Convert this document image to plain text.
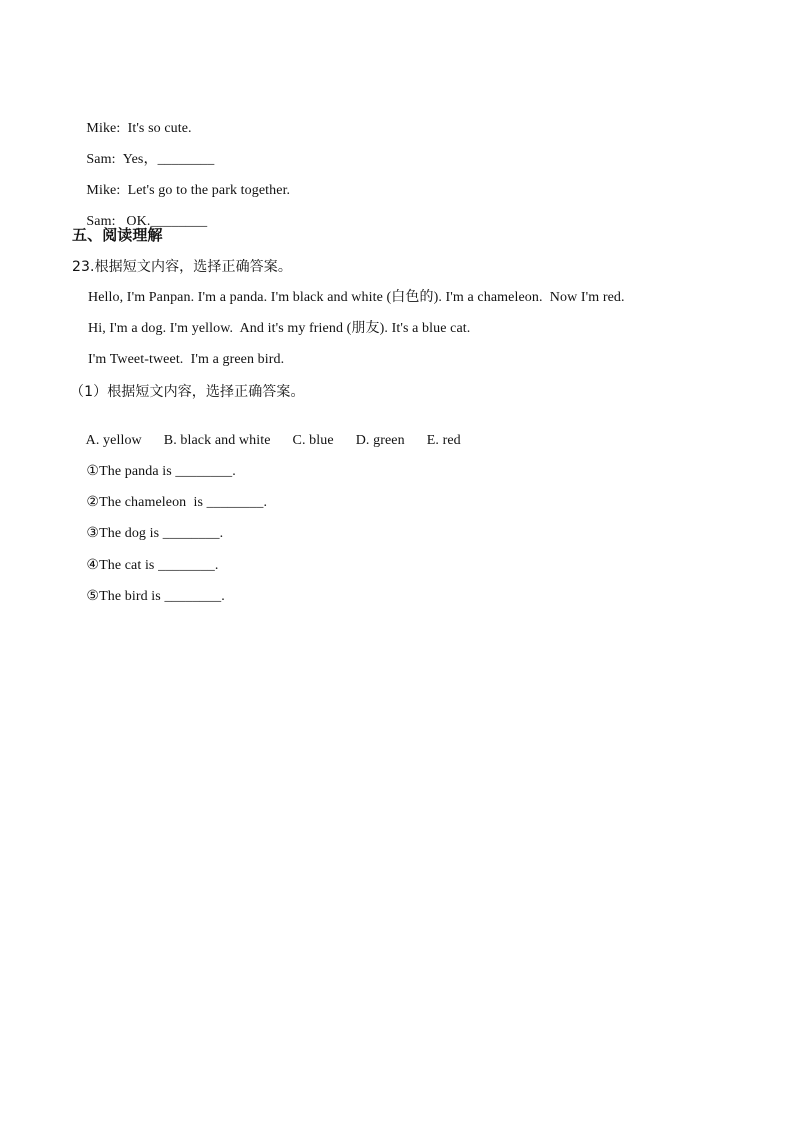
Mike: It's so cute.

Sam: Yes，________

Mike: Let's go to the park together.

Sam: OK.________

五、阅读理解
23.根据短文内容，选择正确答案。
Hello, I'm Panpan. I'm a panda. I'm black and white (白色的). I'm a chameleon.  Now I'm red.
Hi, I'm a dog. I'm yellow.  And it's my friend (朋友). It's a blue cat.
I'm Tweet-tweet.  I'm a green bird.
（1）根据短文内容，选择正确答案。

A. yellow B. black and white C. blue D. green E. red

①The panda is ________.

②The chameleon  is ________.

③The dog is ________.

④The cat is ________.

⑤The bird is ________.
